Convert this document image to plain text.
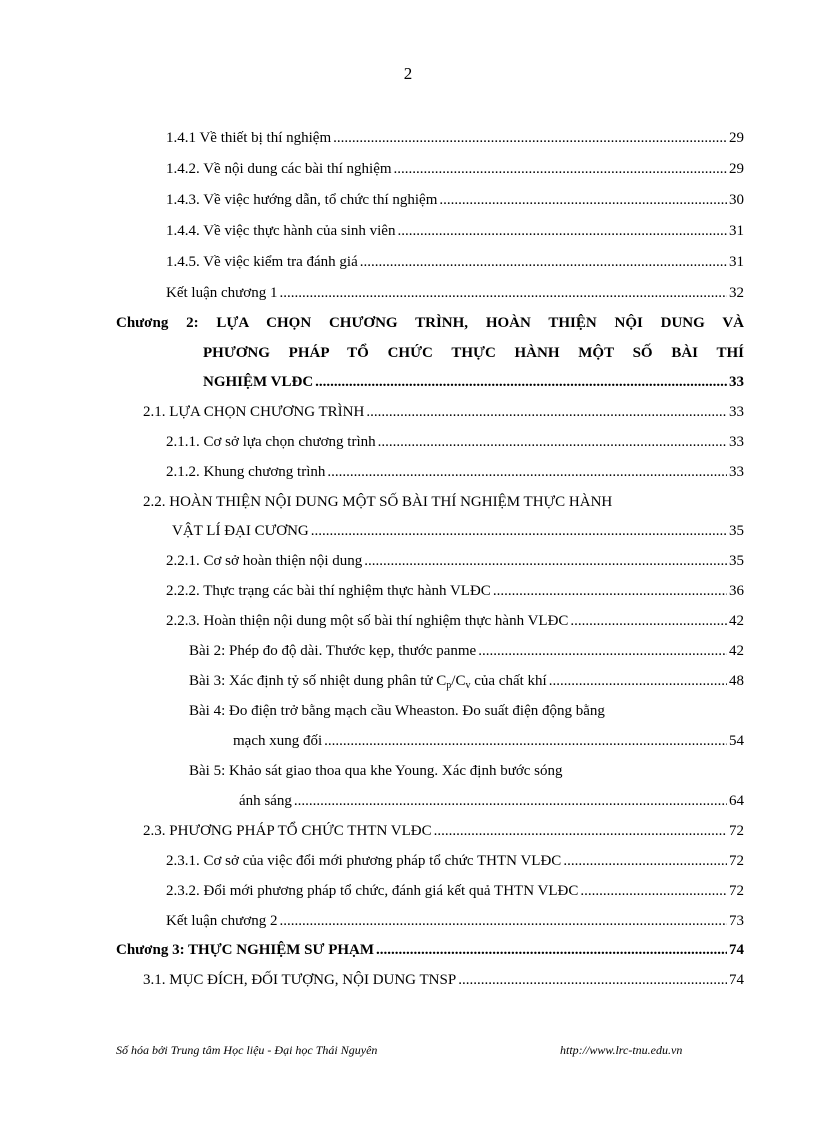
2
1.4.1 Về thiết bị thí nghiệm .....	29
1.4.2. Về nội dung các bài thí nghiệm .....	29
1.4.3. Về việc hướng dẫn, tổ chức thí nghiệm .....	30
1.4.4. Về việc thực hành của sinh viên .....	31
1.4.5. Về việc kiểm tra đánh giá .....	31
Kết luận chương 1 .....	32
Chương 2: LỰA CHỌN CHƯƠNG TRÌNH, HOÀN THIỆN NỘI DUNG VÀ
PHƯƠNG PHÁP TỔ CHỨC THỰC HÀNH MỘT SỐ BÀI THÍ
NGHIỆM VLĐC .....	33
2.1. LỰA CHỌN CHƯƠNG TRÌNH .....	33
2.1.1. Cơ sở lựa chọn chương trình .....	33
2.1.2. Khung chương trình .....	33
2.2. HOÀN THIỆN NỘI DUNG MỘT SỐ BÀI THÍ NGHIỆM THỰC HÀNH
VẬT LÍ ĐẠI CƯƠNG .....	35
2.2.1. Cơ sở hoàn thiện nội dung .....	35
2.2.2. Thực trạng các bài thí nghiệm thực hành VLĐC .....	36
2.2.3. Hoàn thiện nội dung một số bài thí nghiệm thực hành VLĐC .....	42
Bài 2: Phép đo độ dài. Thước kẹp, thước panme .....	42
Bài 3: Xác định tỷ số nhiệt dung phân tử $C_p/C_v$ của chất khí .....	48
Bài 4: Đo điện trở bằng mạch cầu Wheaston. Đo suất điện động bằng
mạch xung đối .....	54
Bài 5: Khảo sát giao thoa qua khe Young. Xác định bước sóng
ánh sáng .....	64
2.3. PHƯƠNG PHÁP TỔ CHỨC THTN VLĐC .....	72
2.3.1. Cơ sở của việc đổi mới phương pháp tổ chức THTN VLĐC .....	72
2.3.2. Đổi mới phương pháp tổ chức, đánh giá kết quả THTN VLĐC .....	72
Kết luận chương 2 .....	73
Chương 3: THỰC NGHIỆM SƯ PHẠM .....	74
3.1. MỤC ĐÍCH, ĐỐI TƯỢNG, NỘI DUNG TNSP .....	74
Số hóa bởi Trung tâm Học liệu - Đại học Thái Nguyên	http://www.lrc-tnu.edu.vn
